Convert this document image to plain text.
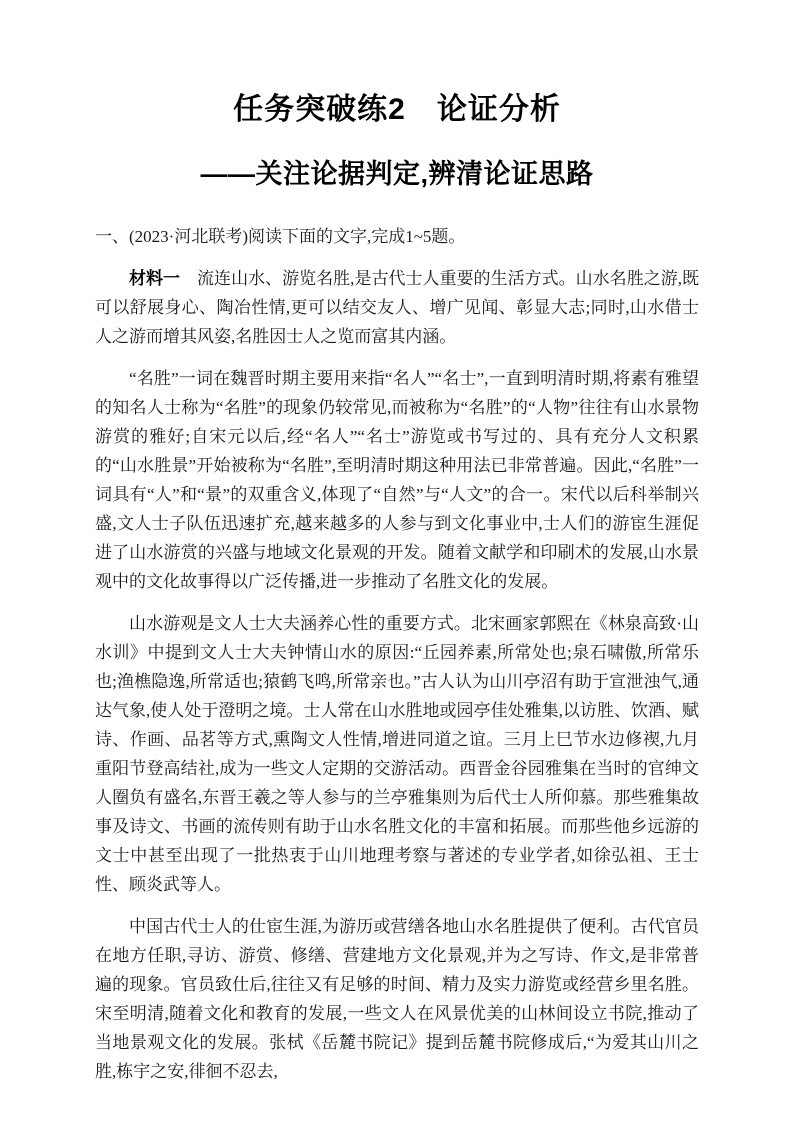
任务突破练2　论证分析
——关注论据判定,辨清论证思路

一、(2023·河北联考)阅读下面的文字,完成1~5题。

材料一 流连山水、游览名胜,是古代士人重要的生活方式。山水名胜之游,既可以舒展身心、陶冶性情,更可以结交友人、增广见闻、彰显大志;同时,山水借士人之游而增其风姿,名胜因士人之览而富其内涵。

“名胜”一词在魏晋时期主要用来指“名人”“名士”,一直到明清时期,将素有雅望的知名人士称为“名胜”的现象仍较常见,而被称为“名胜”的“人物”往往有山水景物游赏的雅好;自宋元以后,经“名人”“名士”游览或书写过的、具有充分人文积累的“山水胜景”开始被称为“名胜”,至明清时期这种用法已非常普遍。因此,“名胜”一词具有“人”和“景”的双重含义,体现了“自然”与“人文”的合一。宋代以后科举制兴盛,文人士子队伍迅速扩充,越来越多的人参与到文化事业中,士人们的游宦生涯促进了山水游赏的兴盛与地域文化景观的开发。随着文献学和印刷术的发展,山水景观中的文化故事得以广泛传播,进一步推动了名胜文化的发展。

山水游观是文人士大夫涵养心性的重要方式。北宋画家郭熙在《林泉高致·山水训》中提到文人士大夫钟情山水的原因:“丘园养素,所常处也;泉石啸傲,所常乐也;渔樵隐逸,所常适也;猿鹤飞鸣,所常亲也。”古人认为山川亭沼有助于宣泄浊气,通达气象,使人处于澄明之境。士人常在山水胜地或园亭佳处雅集,以访胜、饮酒、赋诗、作画、品茗等方式,熏陶文人性情,增进同道之谊。三月上巳节水边修禊,九月重阳节登高结社,成为一些文人定期的交游活动。西晋金谷园雅集在当时的官绅文人圈负有盛名,东晋王羲之等人参与的兰亭雅集则为后代士人所仰慕。那些雅集故事及诗文、书画的流传则有助于山水名胜文化的丰富和拓展。而那些他乡远游的文士中甚至出现了一批热衷于山川地理考察与著述的专业学者,如徐弘祖、王士性、顾炎武等人。

中国古代士人的仕宦生涯,为游历或营缮各地山水名胜提供了便利。古代官员在地方任职,寻访、游赏、修缮、营建地方文化景观,并为之写诗、作文,是非常普遍的现象。官员致仕后,往往又有足够的时间、精力及实力游览或经营乡里名胜。宋至明清,随着文化和教育的发展,一些文人在风景优美的山林间设立书院,推动了当地景观文化的发展。张栻《岳麓书院记》提到岳麓书院修成后,“为爱其山川之胜,栋宇之安,徘徊不忍去,
